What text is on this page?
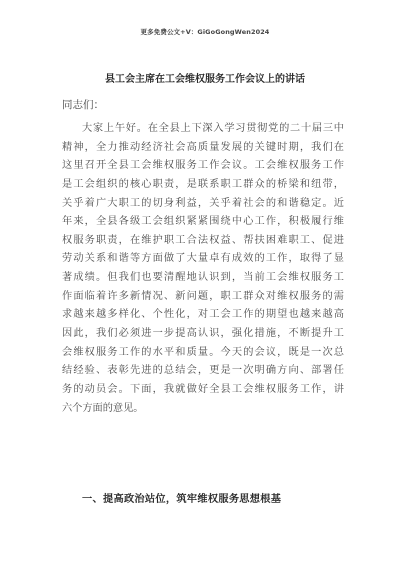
更多免费公文+V：GiGoGongWen2024
县工会主席在工会维权服务工作会议上的讲话
同志们：

大家上午好。在全县上下深入学习贯彻党的二十届三中
精神，全力推动经济社会高质量发展的关键时期，我们在
这里召开全县工会维权服务工作会议。工会维权服务工作
是工会组织的核心职责，是联系职工群众的桥梁和纽带，
关乎着广大职工的切身利益，关乎着社会的和谐稳定。近
年来，全县各级工会组织紧紧围绕中心工作，积极履行维
权服务职责，在维护职工合法权益、帮扶困难职工、促进
劳动关系和谐等方面做了大量卓有成效的工作，取得了显
著成绩。但我们也要清醒地认识到，当前工会维权服务工
作面临着许多新情况、新问题，职工群众对维权服务的需
求越来越多样化、个性化，对工会工作的期望也越来越高
因此，我们必须进一步提高认识，强化措施，不断提升工
会维权服务工作的水平和质量。今天的会议，既是一次总
结经验、表彰先进的总结会，更是一次明确方向、部署任
务的动员会。下面，我就做好全县工会维权服务工作，讲
六个方面的意见。

一、提高政治站位，筑牢维权服务思想根基
